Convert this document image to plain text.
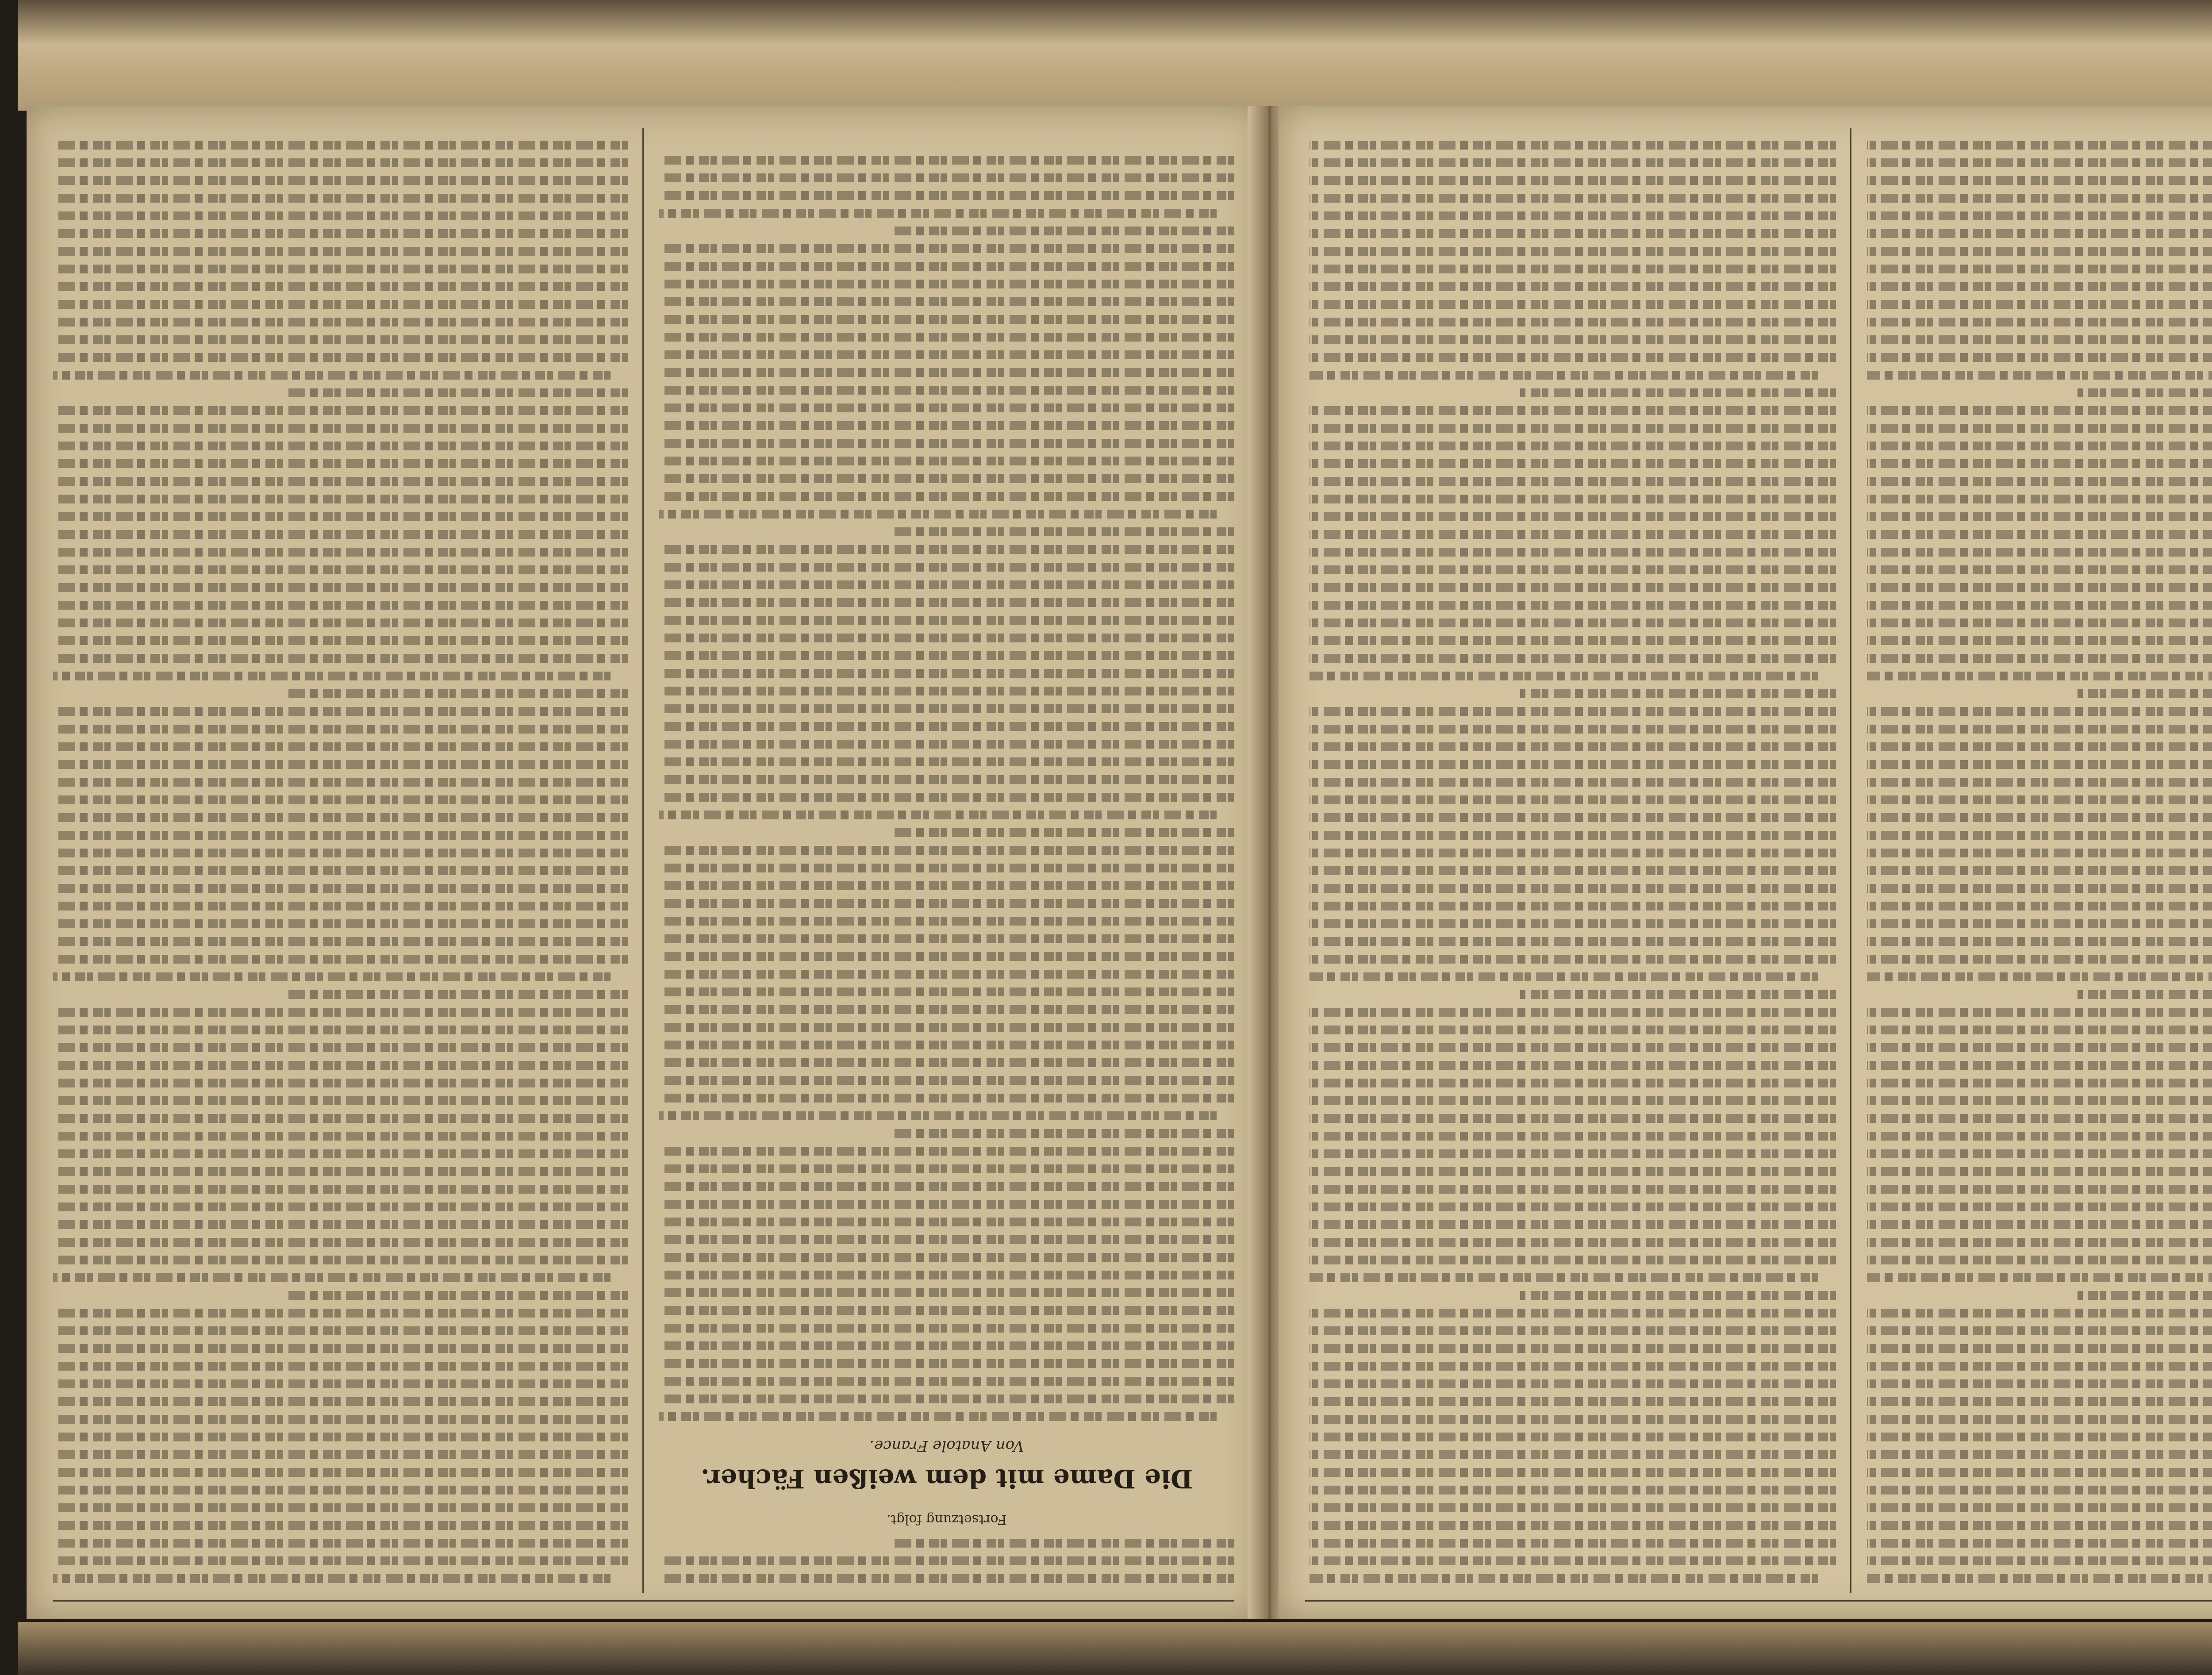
Fortsetzung folgt.
Die Dame mit dem weißen Fächer.
Von Anatole France.
